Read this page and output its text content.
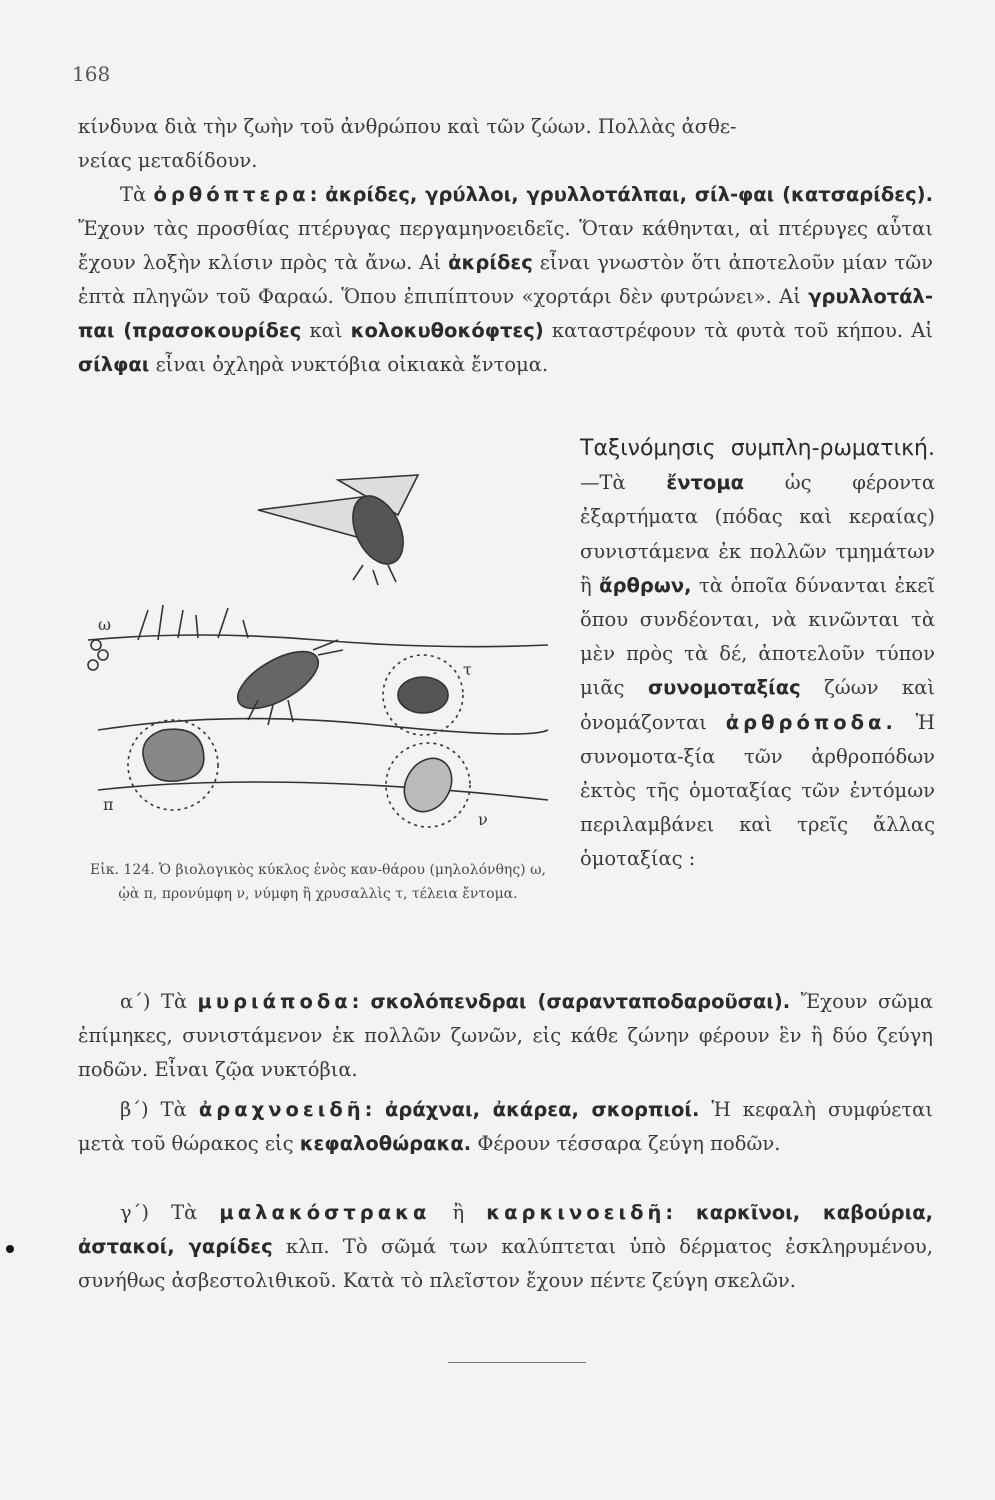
168

κίνδυνα διὰ τὴν ζωὴν τοῦ ἀνθρώπου καὶ τῶν ζώων. Πολλὰς ἀσθε-
νείας μεταδίδουν.

Τὰ ὀρθόπτερα: ἀκρίδες, γρύλλοι, γρυλλοτάλπαι, σίλ-φαι (κατσαρίδες). Ἔχουν τὰς προσθίας πτέρυγας περγαμηνοειδεῖς. Ὅταν κάθηνται, αἱ πτέρυγες αὗται ἔχουν λοξὴν κλίσιν πρὸς τὰ ἄνω. Αἱ ἀκρίδες εἶναι γνωστὸν ὅτι ἀποτελοῦν μίαν τῶν ἑπτὰ πληγῶν τοῦ Φαραώ. Ὅπου ἐπιπίπτουν «χορτάρι δὲν φυτρώνει». Αἱ γρυλλοτάλ-παι (πρασοκουρίδες καὶ κολοκυθοκόφτες) καταστρέφουν τὰ φυτὰ τοῦ κήπου. Αἱ σίλφαι εἶναι ὀχληρὰ νυκτόβια οἰκιακὰ ἔντομα.

ω
π
ν
τ
Εἰκ. 124. Ὁ βιολογικὸς κύκλος ἑνὸς καν-θάρου (μηλολόνθης) ω, ᾠὰ π, προνύμφη ν, νύμφη ἢ χρυσαλλὶς τ, τέλεια ἔντομα.
Ταξινόμησις συμπλη-ρωματική.—Τὰ ἔντομα ὡς φέροντα ἐξαρτήματα (πόδας καὶ κεραίας) συνιστάμενα ἐκ πολλῶν τμημάτων ἢ ἄρθρων, τὰ ὁποῖα δύνανται ἐκεῖ ὅπου συνδέονται, νὰ κινῶνται τὰ μὲν πρὸς τὰ δέ, ἀποτελοῦν τύπον μιᾶς συνομοταξίας ζώων καὶ ὀνομάζονται ἀρθρόποδα. Ἡ συνομοτα-ξία τῶν ἀρθροπόδων ἐκτὸς τῆς ὁμοταξίας τῶν ἐντόμων περιλαμβάνει καὶ τρεῖς ἄλλας ὁμοταξίας :

α΄) Τὰ μυριάποδα: σκολόπενδραι (σαρανταποδαροῦσαι). Ἔχουν σῶμα ἐπίμηκες, συνιστάμενον ἐκ πολλῶν ζωνῶν, εἰς κάθε ζώνην φέρουν ἓν ἢ δύο ζεύγη ποδῶν. Εἶναι ζῷα νυκτόβια.

β΄) Τὰ ἀραχνοειδῆ: ἀράχναι, ἀκάρεα, σκορπιοί. Ἡ κεφαλὴ συμφύεται μετὰ τοῦ θώρακος εἰς κεφαλοθώρακα. Φέρουν τέσσαρα ζεύγη ποδῶν.

γ΄) Τὰ μαλακόστρακα ἢ καρκινοειδῆ: καρκῖνοι, καβούρια, ἀστακοί, γαρίδες κλπ. Τὸ σῶμά των καλύπτεται ὑπὸ δέρματος ἐσκληρυμένου, συνήθως ἀσβεστολιθικοῦ. Κατὰ τὸ πλεῖστον ἔχουν πέντε ζεύγη σκελῶν.
